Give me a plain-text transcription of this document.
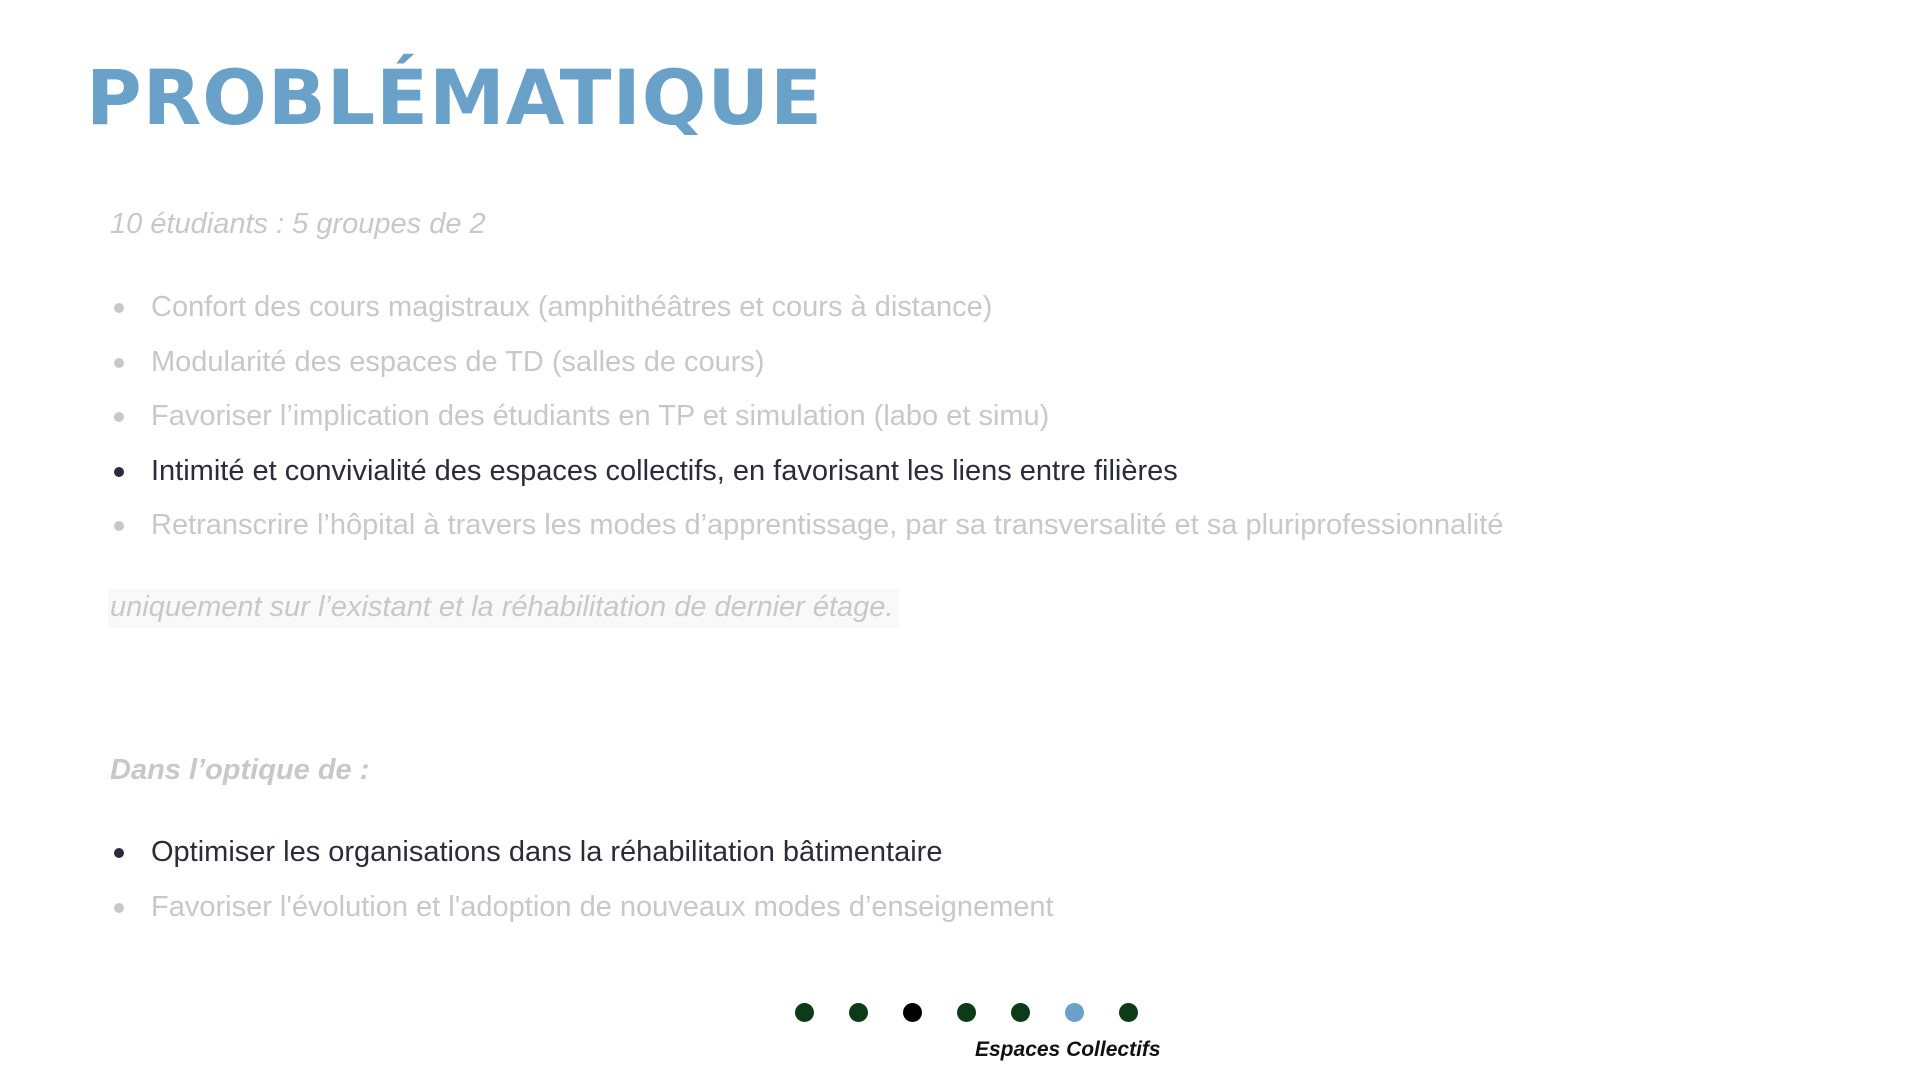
PROBLÉMATIQUE
10 étudiants : 5 groupes de 2
Confort des cours magistraux (amphithéâtres et cours à distance)
Modularité des espaces de TD (salles de cours)
Favoriser l’implication des étudiants en TP et simulation (labo et simu)
Intimité et convivialité des espaces collectifs, en favorisant les liens entre filières
Retranscrire l’hôpital à travers les modes d’apprentissage, par sa transversalité et sa pluriprofessionnalité
uniquement sur l’existant et la réhabilitation de dernier étage.
Dans l’optique de :
Optimiser les organisations dans la réhabilitation bâtimentaire
Favoriser l'évolution et l'adoption de nouveaux modes d’enseignement
Espaces Collectifs
